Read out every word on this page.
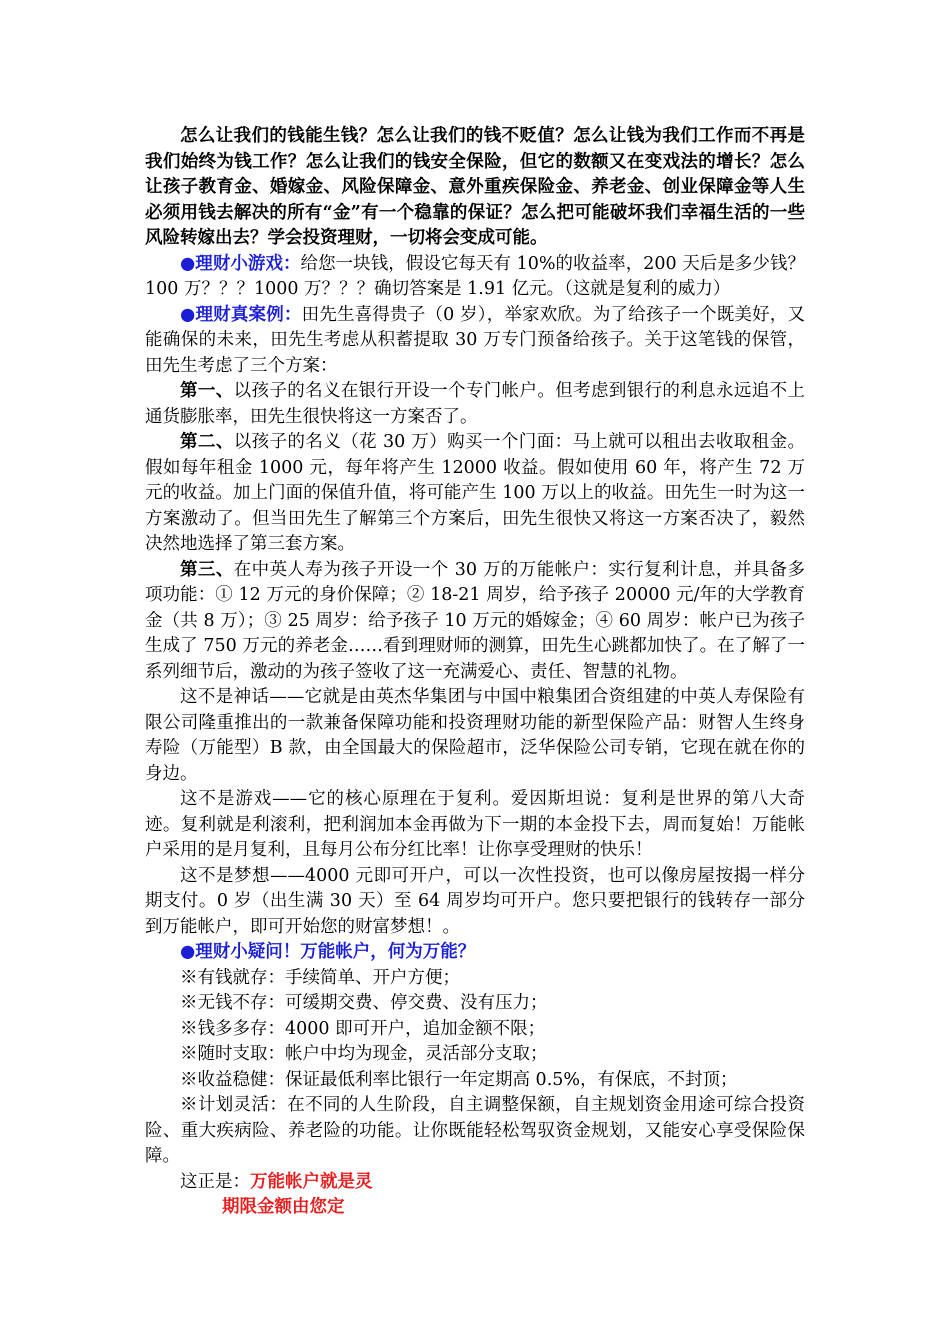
怎么让我们的钱能生钱？怎么让我们的钱不贬值？怎么让钱为我们工作而不再是我们始终为钱工作？怎么让我们的钱安全保险，但它的数额又在变戏法的增长？怎么让孩子教育金、婚嫁金、风险保障金、意外重疾保险金、养老金、创业保障金等人生必须用钱去解决的所有“金”有一个稳靠的保证？怎么把可能破坏我们幸福生活的一些风险转嫁出去？学会投资理财，一切将会变成可能。

●理财小游戏：给您一块钱，假设它每天有 10%的收益率，200 天后是多少钱？100 万？？？1000 万？？？确切答案是 1.91 亿元。（这就是复利的威力）

●理财真案例：田先生喜得贵子（0 岁），举家欢欣。为了给孩子一个既美好，又能确保的未来，田先生考虑从积蓄提取 30 万专门预备给孩子。关于这笔钱的保管，田先生考虑了三个方案：

第一、以孩子的名义在银行开设一个专门帐户。但考虑到银行的利息永远追不上通货膨胀率，田先生很快将这一方案否了。

第二、以孩子的名义（花 30 万）购买一个门面：马上就可以租出去收取租金。假如每年租金 1000 元，每年将产生 12000 收益。假如使用 60 年，将产生 72 万元的收益。加上门面的保值升值，将可能产生 100 万以上的收益。田先生一时为这一方案激动了。但当田先生了解第三个方案后，田先生很快又将这一方案否决了，毅然决然地选择了第三套方案。

第三、在中英人寿为孩子开设一个 30 万的万能帐户：实行复利计息，并具备多项功能：① 12 万元的身价保障；② 18-21 周岁，给予孩子 20000 元/年的大学教育金（共 8 万）；③ 25 周岁：给予孩子 10 万元的婚嫁金；④ 60 周岁：帐户已为孩子生成了 750 万元的养老金……看到理财师的测算，田先生心跳都加快了。在了解了一系列细节后，激动的为孩子签收了这一充满爱心、责任、智慧的礼物。

这不是神话——它就是由英杰华集团与中国中粮集团合资组建的中英人寿保险有限公司隆重推出的一款兼备保障功能和投资理财功能的新型保险产品：财智人生终身寿险（万能型）B 款，由全国最大的保险超市，泛华保险公司专销，它现在就在你的身边。

这不是游戏——它的核心原理在于复利。爱因斯坦说：复利是世界的第八大奇迹。复利就是利滚利，把利润加本金再做为下一期的本金投下去，周而复始！万能帐户采用的是月复利，且每月公布分红比率！让你享受理财的快乐！

这不是梦想——4000 元即可开户，可以一次性投资，也可以像房屋按揭一样分期支付。0 岁（出生满 30 天）至 64 周岁均可开户。您只要把银行的钱转存一部分到万能帐户，即可开始您的财富梦想！。

●理财小疑问！万能帐户，何为万能？

※有钱就存：手续简单、开户方便；

※无钱不存：可缓期交费、停交费、没有压力；

※钱多多存：4000 即可开户，追加金额不限；

※随时支取：帐户中均为现金，灵活部分支取；

※收益稳健：保证最低利率比银行一年定期高 0.5%，有保底，不封顶；

※计划灵活：在不同的人生阶段，自主调整保额，自主规划资金用途可综合投资险、重大疾病险、养老险的功能。让你既能轻松驾驭资金规划，又能安心享受保险保障。

这正是：万能帐户就是灵

期限金额由您定
